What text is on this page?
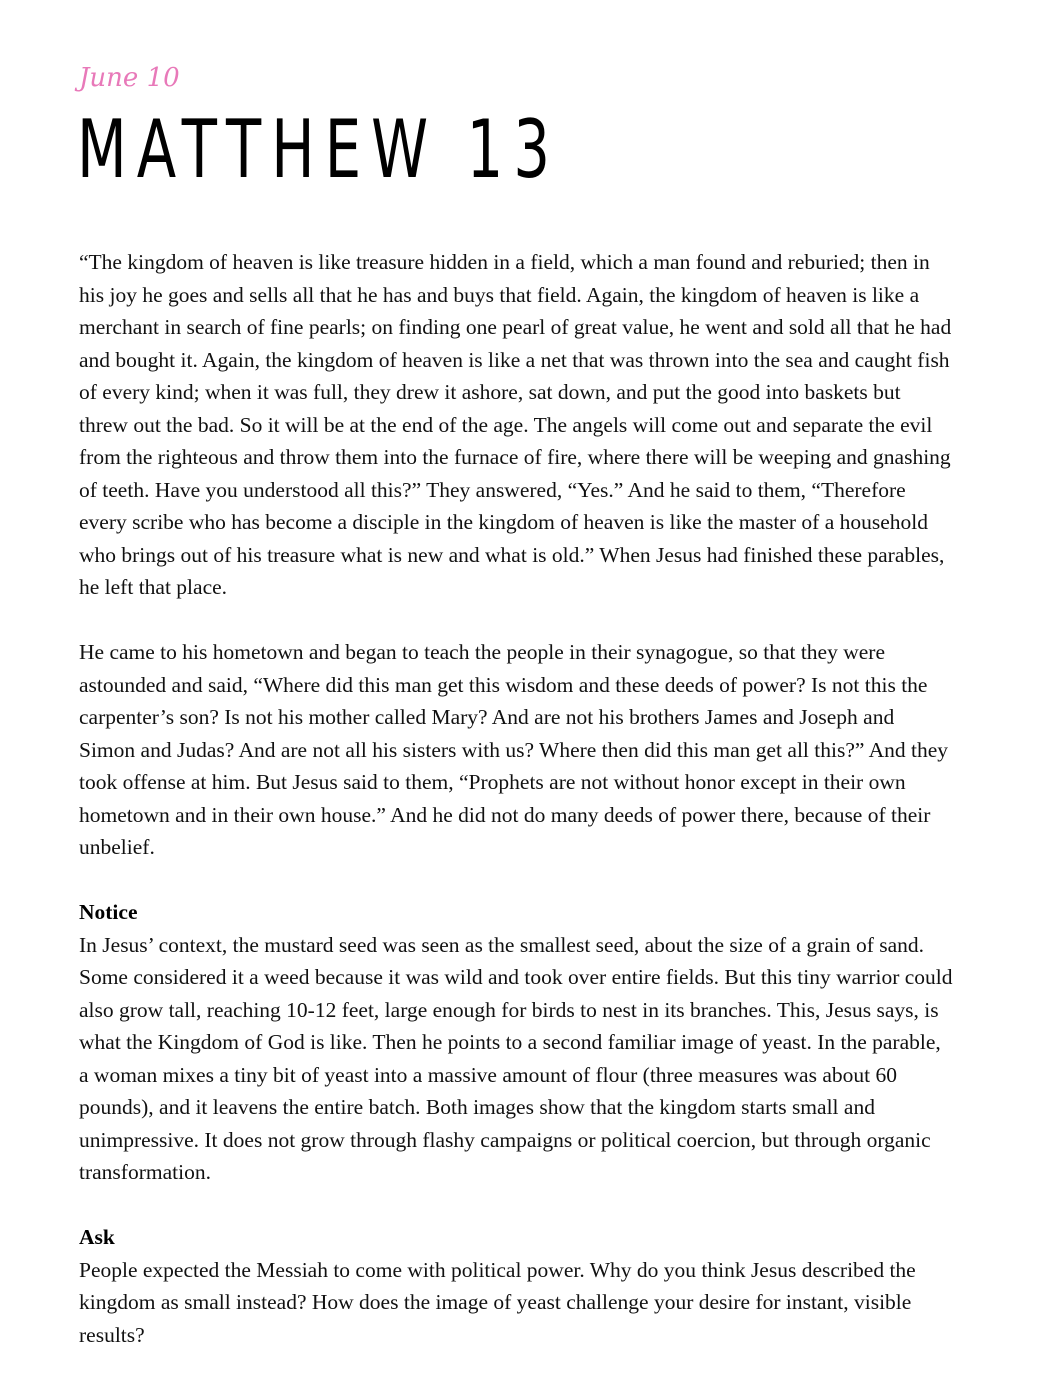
June 10

MATTHEW 13

“The kingdom of heaven is like treasure hidden in a field, which a man found and reburied; then in his joy he goes and sells all that he has and buys that field. Again, the kingdom of heaven is like a merchant in search of fine pearls; on finding one pearl of great value, he went and sold all that he had and bought it. Again, the kingdom of heaven is like a net that was thrown into the sea and caught fish of every kind; when it was full, they drew it ashore, sat down, and put the good into baskets but threw out the bad. So it will be at the end of the age. The angels will come out and separate the evil from the righteous and throw them into the furnace of fire, where there will be weeping and gnashing of teeth. Have you understood all this?” They answered, “Yes.” And he said to them, “Therefore every scribe who has become a disciple in the kingdom of heaven is like the master of a household who brings out of his treasure what is new and what is old.” When Jesus had finished these parables, he left that place.

He came to his hometown and began to teach the people in their synagogue, so that they were astounded and said, “Where did this man get this wisdom and these deeds of power? Is not this the carpenter’s son? Is not his mother called Mary? And are not his brothers James and Joseph and Simon and Judas? And are not all his sisters with us? Where then did this man get all this?” And they took offense at him. But Jesus said to them, “Prophets are not without honor except in their own hometown and in their own house.” And he did not do many deeds of power there, because of their unbelief.

Notice

In Jesus’ context, the mustard seed was seen as the smallest seed, about the size of a grain of sand. Some considered it a weed because it was wild and took over entire fields. But this tiny warrior could also grow tall, reaching 10-12 feet, large enough for birds to nest in its branches. This, Jesus says, is what the Kingdom of God is like. Then he points to a second familiar image of yeast. In the parable, a woman mixes a tiny bit of yeast into a massive amount of flour (three measures was about 60 pounds), and it leavens the entire batch. Both images show that the kingdom starts small and unimpressive. It does not grow through flashy campaigns or political coercion, but through organic transformation.

Ask

People expected the Messiah to come with political power. Why do you think Jesus described the kingdom as small instead? How does the image of yeast challenge your desire for instant, visible results?
